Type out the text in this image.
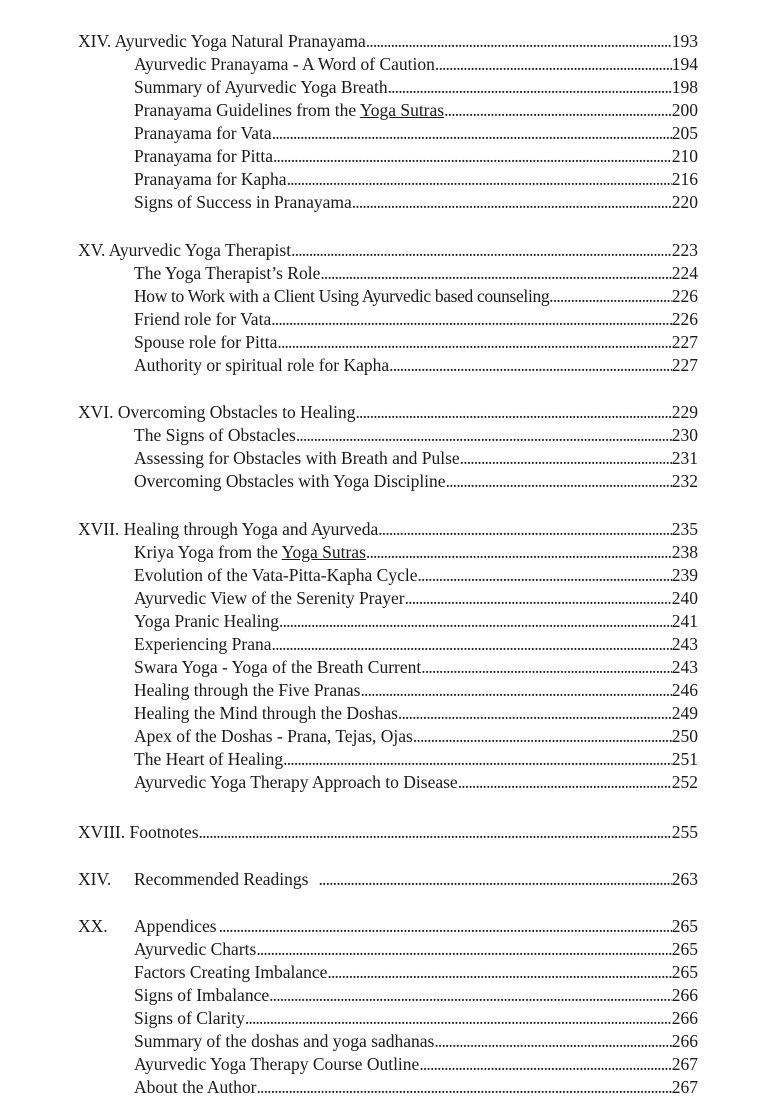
XIV. Ayurvedic Yoga Natural Pranayama . . .	193
Ayurvedic Pranayama - A Word of Caution . . .	194
Summary of Ayurvedic Yoga Breath . . .	198
Pranayama Guidelines from the Yoga Sutras . . .	200
Pranayama for Vata . . .	205
Pranayama for Pitta . . .	210
Pranayama for Kapha . . .	216
Signs of Success in Pranayama . . .	220
XV. Ayurvedic Yoga Therapist . . .	223
The Yoga Therapist’s Role . . .	224
How to Work with a Client Using Ayurvedic based counseling . . .	226
Friend role for Vata . . .	226
Spouse role for Pitta . . .	227
Authority or spiritual role for Kapha . . .	227
XVI. Overcoming Obstacles to Healing . . .	229
The Signs of Obstacles . . .	230
Assessing for Obstacles with Breath and Pulse . . .	231
Overcoming Obstacles with Yoga Discipline . . .	232
XVII. Healing through Yoga and Ayurveda . . .	235
Kriya Yoga from the Yoga Sutras . . .	238
Evolution of the Vata-Pitta-Kapha Cycle . . .	239
Ayurvedic View of the Serenity Prayer . . .	240
Yoga Pranic Healing . . .	241
Experiencing Prana . . .	243
Swara Yoga - Yoga of the Breath Current . . .	243
Healing through the Five Pranas . . .	246
Healing the Mind through the Doshas . . .	249
Apex of the Doshas - Prana, Tejas, Ojas . . .	250
The Heart of Healing . . .	251
Ayurvedic Yoga Therapy Approach to Disease . . .	252
XVIII. Footnotes . . .	255
XIV.	Recommended Readings . . .	263
XX.	Appendices . . .	265
Ayurvedic Charts . . .	265
Factors Creating Imbalance . . .	265
Signs of Imbalance . . .	266
Signs of Clarity . . .	266
Summary of the doshas and yoga sadhanas . . .	266
Ayurvedic Yoga Therapy Course Outline . . .	267
About the Author . . .	267
